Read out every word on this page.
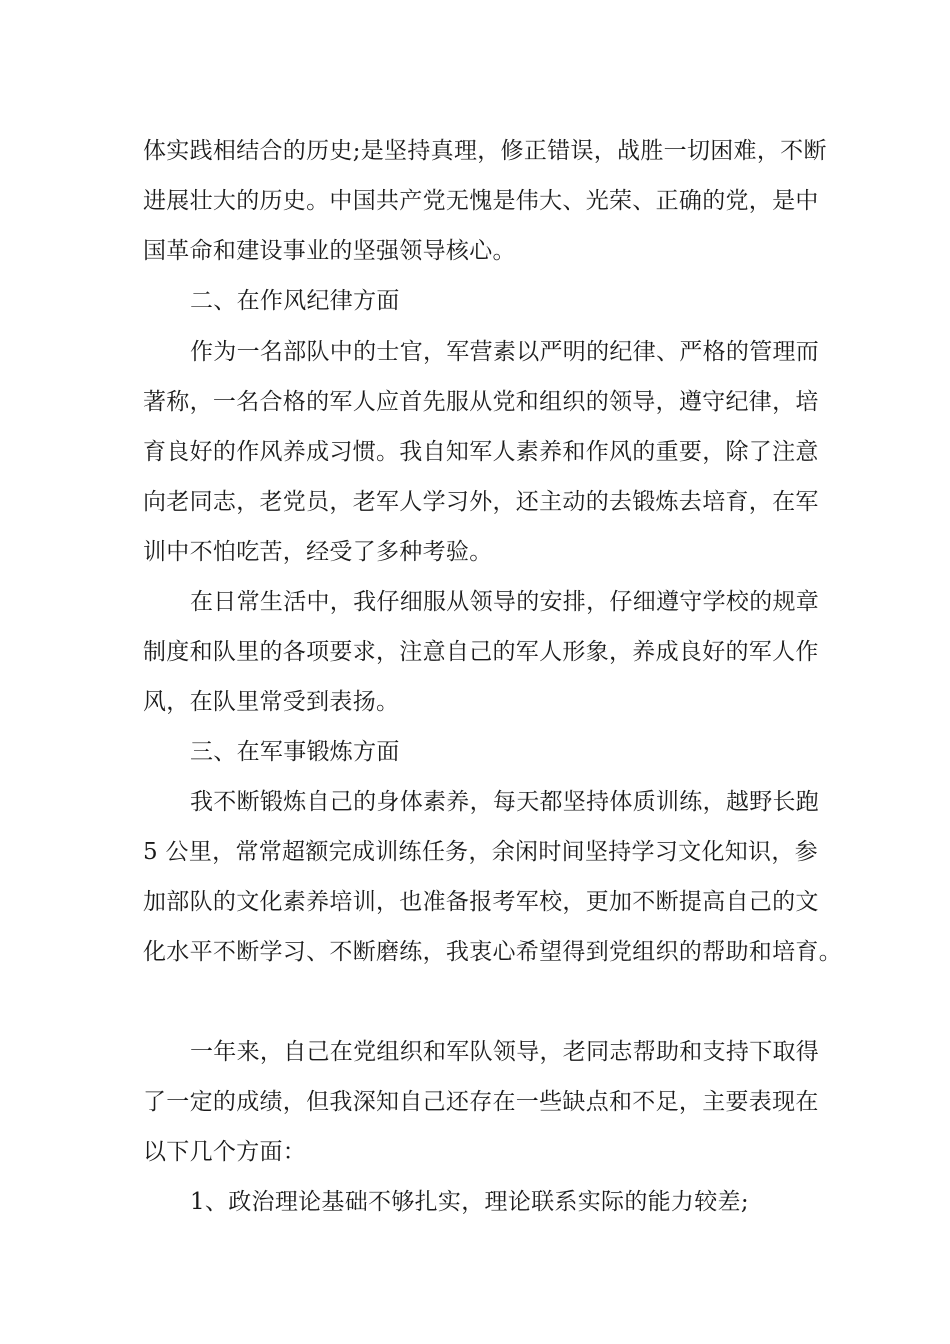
体实践相结合的历史;是坚持真理，修正错误，战胜一切困难，不断
进展壮大的历史。中国共产党无愧是伟大、光荣、正确的党，是中
国革命和建设事业的坚强领导核心。
二、在作风纪律方面
作为一名部队中的士官，军营素以严明的纪律、严格的管理而
著称，一名合格的军人应首先服从党和组织的领导，遵守纪律，培
育良好的作风养成习惯。我自知军人素养和作风的重要，除了注意
向老同志，老党员，老军人学习外，还主动的去锻炼去培育，在军
训中不怕吃苦，经受了多种考验。
在日常生活中，我仔细服从领导的安排，仔细遵守学校的规章
制度和队里的各项要求，注意自己的军人形象，养成良好的军人作
风，在队里常受到表扬。
三、在军事锻炼方面
我不断锻炼自己的身体素养，每天都坚持体质训练，越野长跑
5 公里，常常超额完成训练任务，余闲时间坚持学习文化知识，参
加部队的文化素养培训，也准备报考军校，更加不断提高自己的文
化水平不断学习、不断磨练，我衷心希望得到党组织的帮助和培育。
一年来，自己在党组织和军队领导，老同志帮助和支持下取得
了一定的成绩，但我深知自己还存在一些缺点和不足，主要表现在
以下几个方面：
1、政治理论基础不够扎实，理论联系实际的能力较差;
